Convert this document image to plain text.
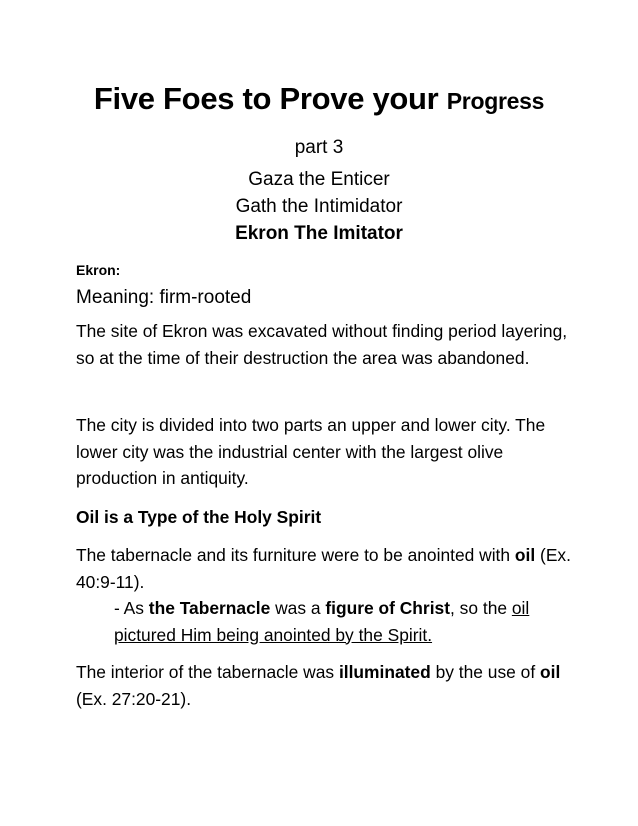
Five Foes to Prove your Progress
part 3
Gaza the Enticer
Gath the Intimidator
Ekron The Imitator
Ekron:
Meaning: firm-rooted
The site of Ekron was excavated without finding period layering, so at the time of their destruction the area was abandoned.
The city is divided into two parts an upper and lower city. The lower city was the industrial center with the largest olive production in antiquity.
Oil is a Type of the Holy Spirit
The tabernacle and its furniture were to be anointed with oil (Ex. 40:9-11).
- As the Tabernacle was a figure of Christ, so the oil
pictured Him being anointed by the Spirit.
The interior of the tabernacle was illuminated by the use of oil (Ex. 27:20-21).
